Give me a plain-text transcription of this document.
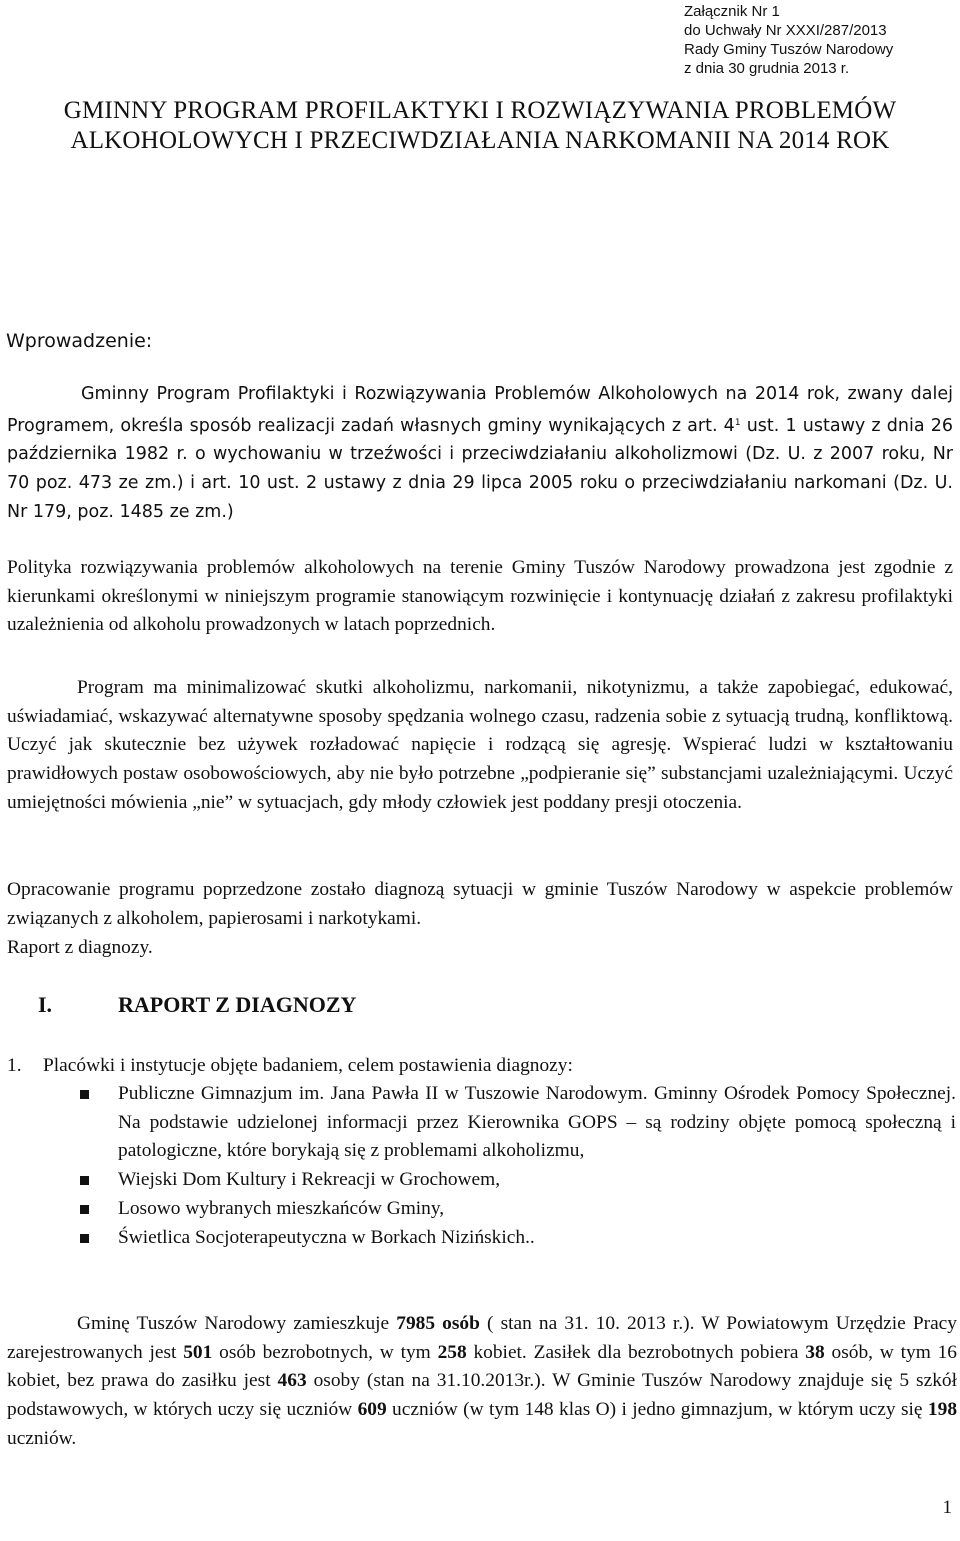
Załącznik Nr 1
do Uchwały Nr XXXI/287/2013
Rady Gminy Tuszów Narodowy
z dnia 30 grudnia 2013 r.
GMINNY PROGRAM PROFILAKTYKI I ROZWIĄZYWANIA PROBLEMÓW
ALKOHOLOWYCH I PRZECIWDZIAŁANIA NARKOMANII NA 2014 ROK
Wprowadzenie:
Gminny Program Profilaktyki i Rozwiązywania Problemów Alkoholowych na 2014 rok, zwany dalej Programem, określa sposób realizacji zadań własnych gminy wynikających z art. $4^1$ ust. 1 ustawy z dnia 26 października 1982 r. o wychowaniu w trzeźwości i przeciwdziałaniu alkoholizmowi (Dz. U. z 2007 roku, Nr 70 poz. 473 ze zm.) i art. 10 ust. 2 ustawy z dnia 29 lipca 2005 roku o przeciwdziałaniu narkomani (Dz. U. Nr 179, poz. 1485 ze zm.)
Polityka rozwiązywania problemów alkoholowych na terenie Gminy Tuszów Narodowy prowadzona jest zgodnie z kierunkami określonymi w niniejszym programie stanowiącym rozwinięcie i kontynuację działań z zakresu profilaktyki uzależnienia od alkoholu prowadzonych w latach poprzednich.
Program ma minimalizować skutki alkoholizmu, narkomanii, nikotynizmu, a także zapobiegać, edukować, uświadamiać, wskazywać alternatywne sposoby spędzania wolnego czasu, radzenia sobie z sytuacją trudną, konfliktową. Uczyć jak skutecznie bez używek rozładować napięcie i rodzącą się agresję. Wspierać ludzi w kształtowaniu prawidłowych postaw osobowościowych, aby nie było potrzebne „podpieranie się” substancjami uzależniającymi. Uczyć umiejętności mówienia „nie” w sytuacjach, gdy młody człowiek jest poddany presji otoczenia.
Opracowanie programu poprzedzone zostało diagnozą sytuacji w gminie Tuszów Narodowy w aspekcie problemów związanych z alkoholem, papierosami i narkotykami.
Raport z diagnozy.
I.	RAPORT Z DIAGNOZY
1. Placówki i instytucje objęte badaniem, celem postawienia diagnozy:
Publiczne Gimnazjum im. Jana Pawła II w Tuszowie Narodowym. Gminny Ośrodek Pomocy Społecznej. Na podstawie udzielonej informacji przez Kierownika GOPS – są rodziny objęte pomocą społeczną i patologiczne, które borykają się z problemami alkoholizmu,
Wiejski Dom Kultury i Rekreacji w Grochowem,
Losowo wybranych mieszkańców Gminy,
Świetlica Socjoterapeutyczna w Borkach Nizińskich..
Gminę Tuszów Narodowy zamieszkuje 7985 osób ( stan na 31. 10. 2013 r.). W Powiatowym Urzędzie Pracy zarejestrowanych jest 501 osób bezrobotnych, w tym 258 kobiet. Zasiłek dla bezrobotnych pobiera 38 osób, w tym 16 kobiet, bez prawa do zasiłku jest 463 osoby (stan na 31.10.2013r.). W Gminie Tuszów Narodowy znajduje się 5 szkół podstawowych, w których uczy się uczniów 609 uczniów (w tym 148 klas O) i jedno gimnazjum, w którym uczy się 198 uczniów.
1
